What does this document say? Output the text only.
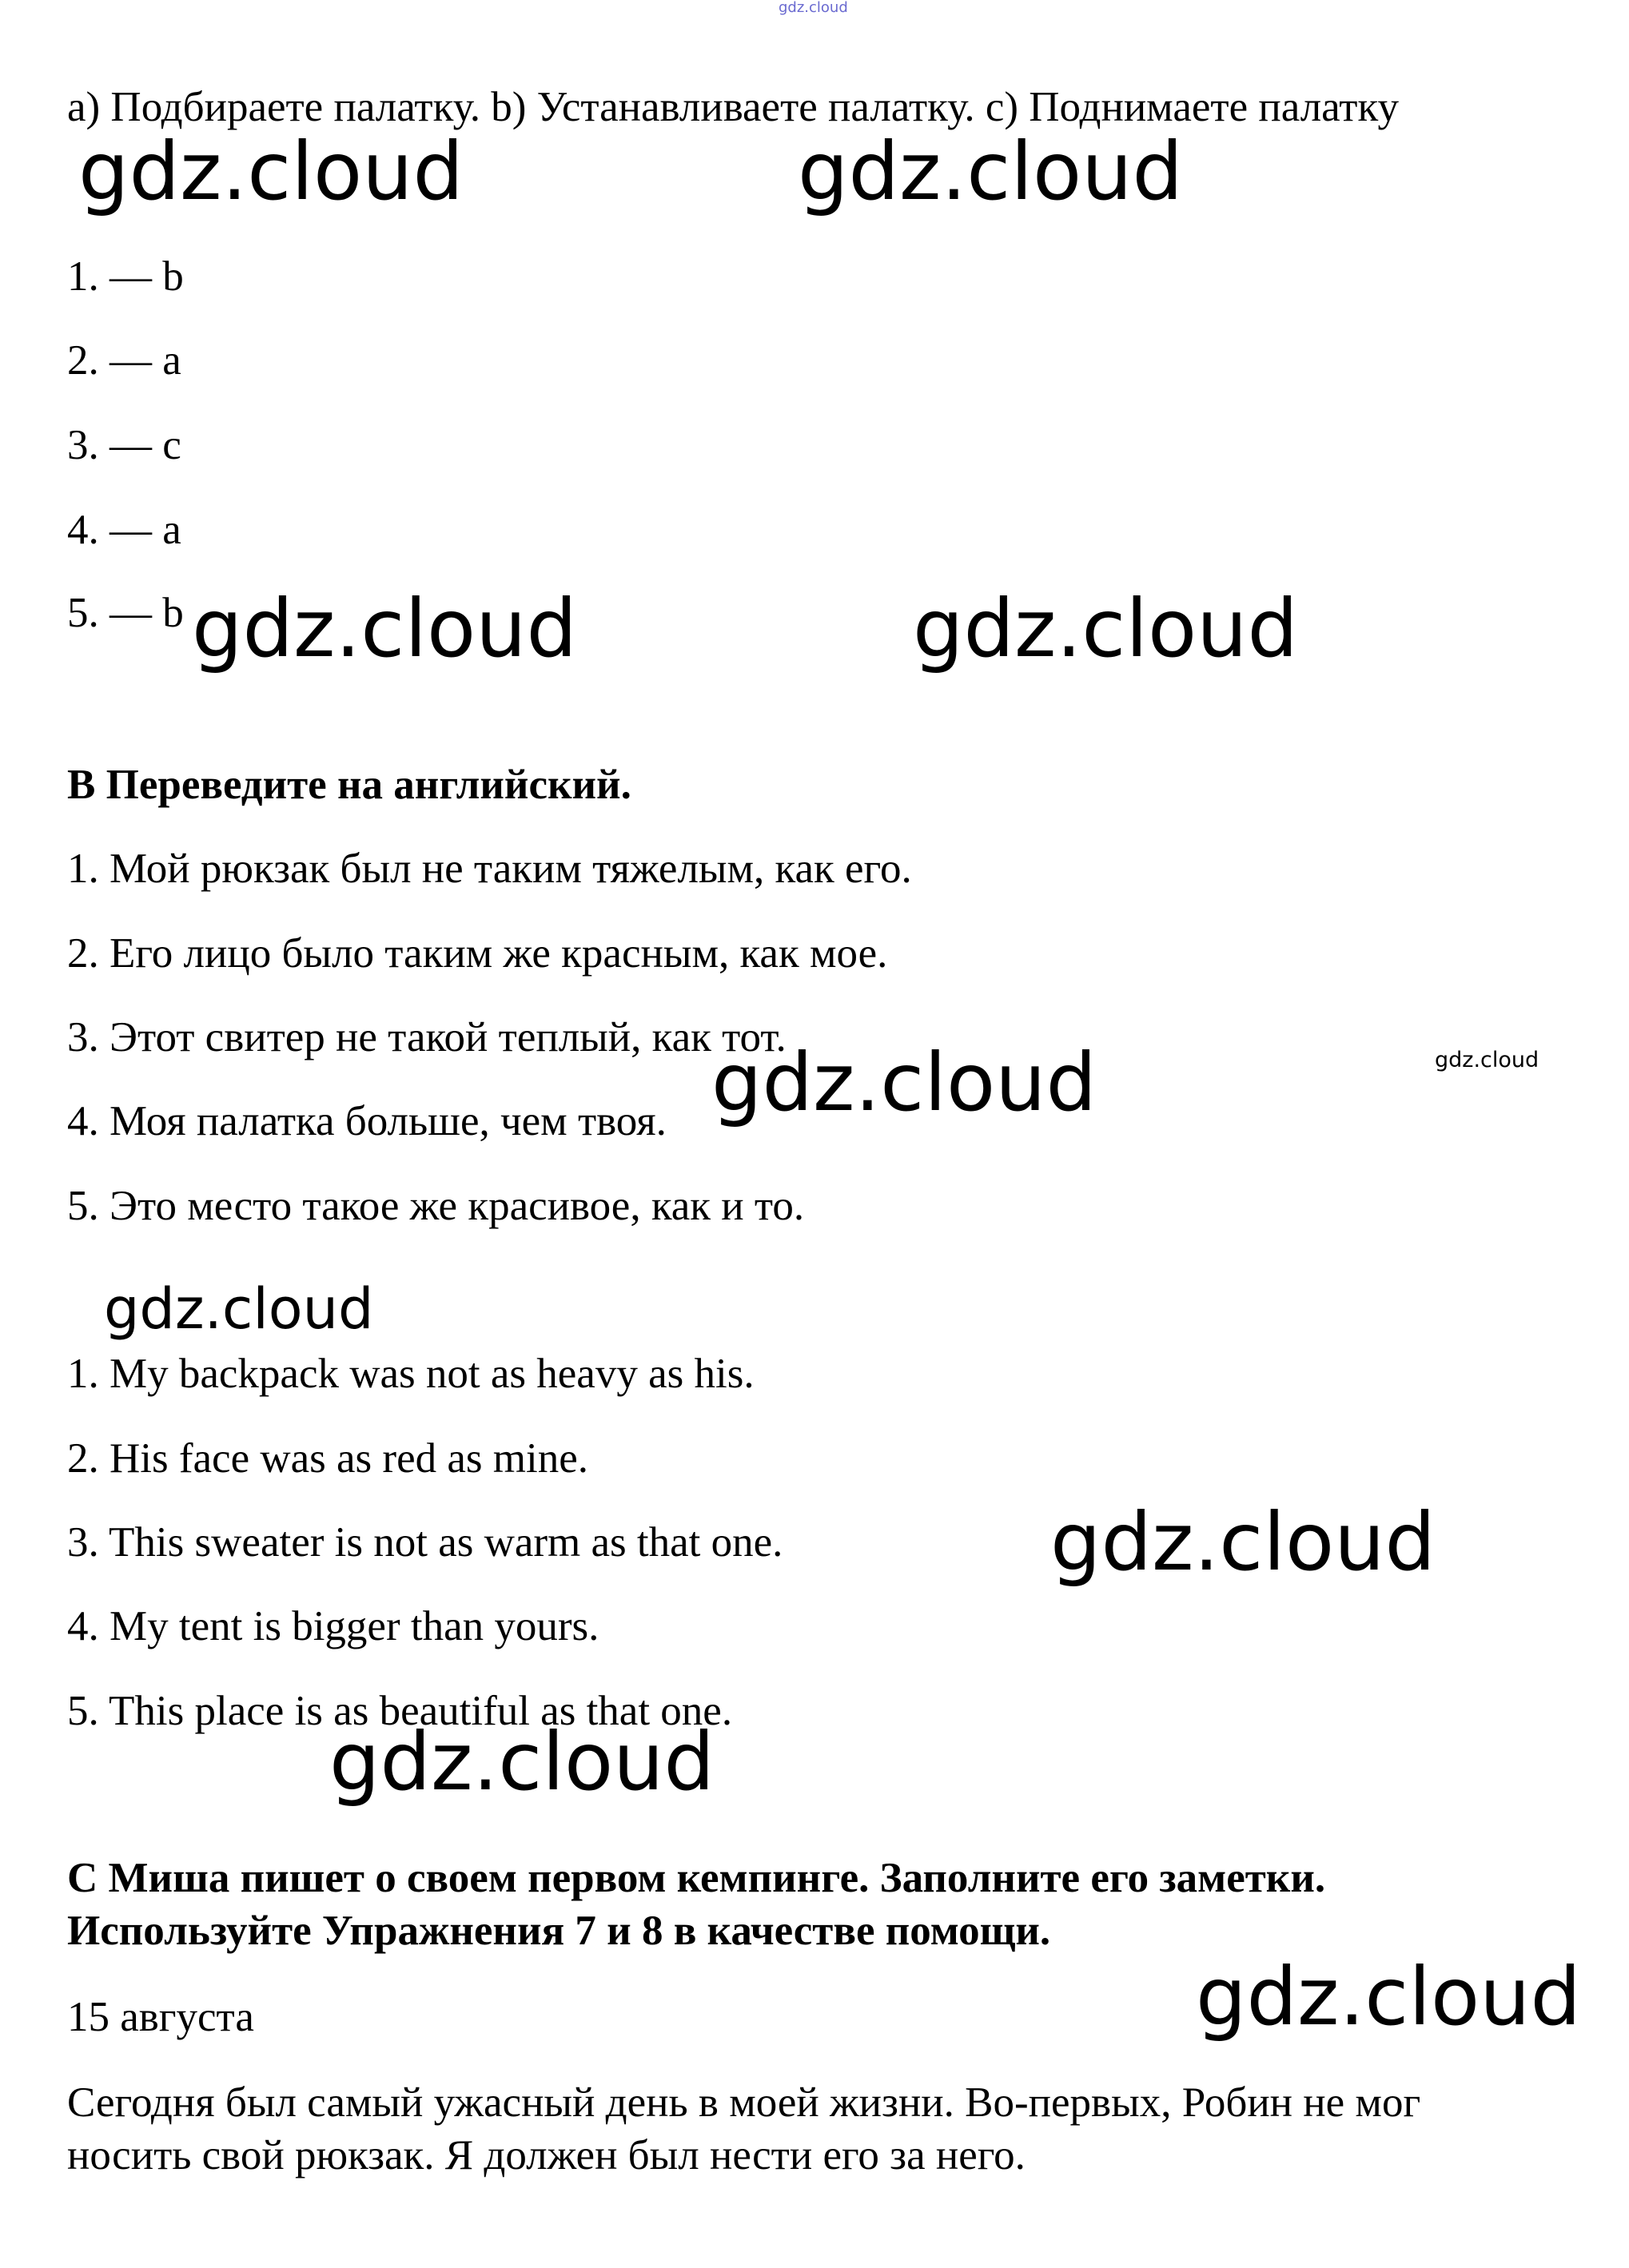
gdz.cloud
a) Подбираете палатку. b) Устанавливаете палатку. c) Поднимаете палатку
1. — b
2. — a
3. — c
4. — a
5. — b
B Переведите на английский.
1. Мой рюкзак был не таким тяжелым, как его.
2. Его лицо было таким же красным, как мое.
3. Этот свитер не такой теплый, как тот.
4. Моя палатка больше, чем твоя.
5. Это место такое же красивое, как и то.
1. My backpack was not as heavy as his.
2. His face was as red as mine.
3. This sweater is not as warm as that one.
4. My tent is bigger than yours.
5. This place is as beautiful as that one.
C Миша пишет о своем первом кемпинге. Заполните его заметки.
Используйте Упражнения 7 и 8 в качестве помощи.
15 августа
Сегодня был самый ужасный день в моей жизни. Во-первых, Робин не мог
носить свой рюкзак. Я должен был нести его за него.
gdz.cloud	gdz.cloud
gdz.cloud	gdz.cloud
gdz.cloud	gdz.cloud
gdz.cloud
gdz.cloud
gdz.cloud
gdz.cloud
